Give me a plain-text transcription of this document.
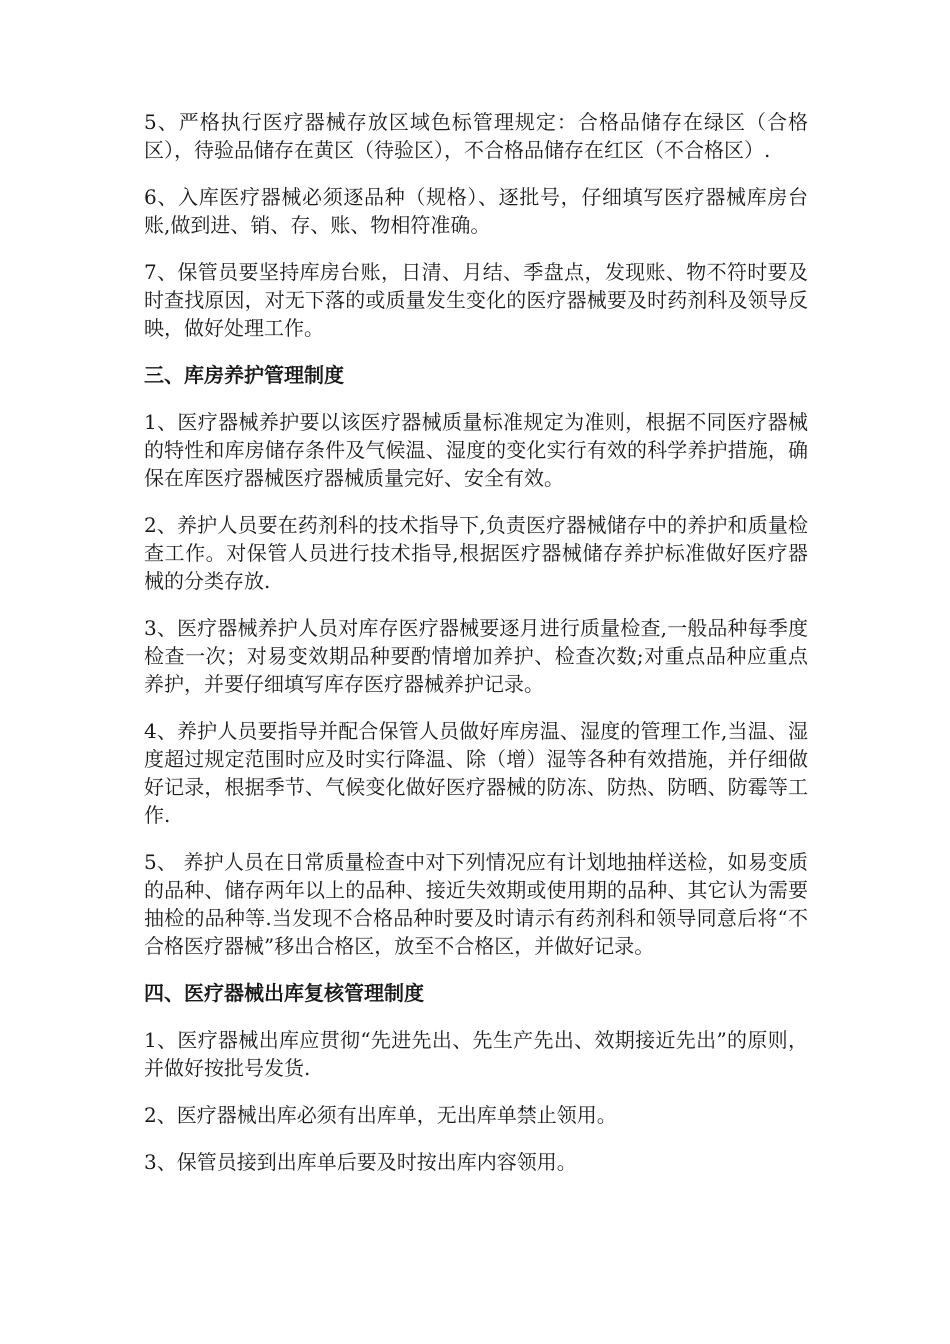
5、严格执行医疗器械存放区域色标管理规定：合格品储存在绿区（合格区），待验品储存在黄区（待验区），不合格品储存在红区（不合格区）.

6、入库医疗器械必须逐品种（规格）、逐批号，仔细填写医疗器械库房台账,做到进、销、存、账、物相符准确。

7、保管员要坚持库房台账，日清、月结、季盘点，发现账、物不符时要及时查找原因，对无下落的或质量发生变化的医疗器械要及时药剂科及领导反映，做好处理工作。

三、库房养护管理制度

1、医疗器械养护要以该医疗器械质量标准规定为准则，根据不同医疗器械的特性和库房储存条件及气候温、湿度的变化实行有效的科学养护措施，确保在库医疗器械医疗器械质量完好、安全有效。

2、养护人员要在药剂科的技术指导下,负责医疗器械储存中的养护和质量检查工作。对保管人员进行技术指导,根据医疗器械储存养护标准做好医疗器械的分类存放.

3、医疗器械养护人员对库存医疗器械要逐月进行质量检查,一般品种每季度检查一次；对易变效期品种要酌情增加养护、检查次数;对重点品种应重点养护，并要仔细填写库存医疗器械养护记录。

4、养护人员要指导并配合保管人员做好库房温、湿度的管理工作,当温、湿度超过规定范围时应及时实行降温、除（增）湿等各种有效措施，并仔细做好记录，根据季节、气候变化做好医疗器械的防冻、防热、防晒、防霉等工作.

5、 养护人员在日常质量检查中对下列情况应有计划地抽样送检，如易变质的品种、储存两年以上的品种、接近失效期或使用期的品种、其它认为需要抽检的品种等.当发现不合格品种时要及时请示有药剂科和领导同意后将“不合格医疗器械”移出合格区，放至不合格区，并做好记录。

四、医疗器械出库复核管理制度

1、医疗器械出库应贯彻“先进先出、先生产先出、效期接近先出”的原则，并做好按批号发货.

2、医疗器械出库必须有出库单，无出库单禁止领用。

3、保管员接到出库单后要及时按出库内容领用。
